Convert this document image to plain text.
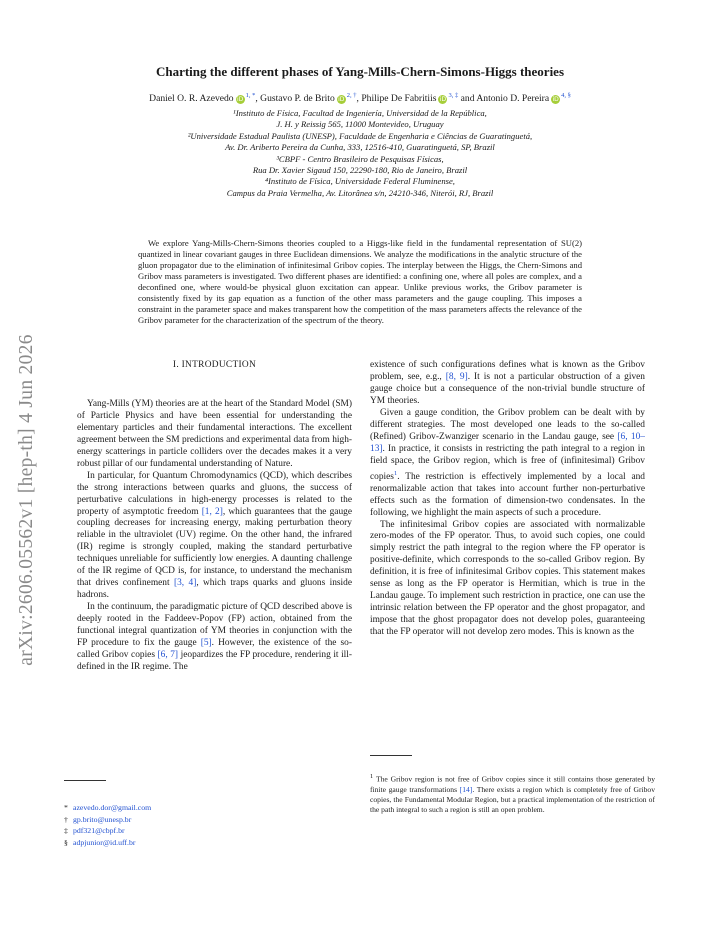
arXiv:2606.05562v1 [hep-th] 4 Jun 2026
Charting the different phases of Yang-Mills-Chern-Simons-Higgs theories
Daniel O. R. Azevedo $iD^{1, *}$, Gustavo P. de Brito $iD^{2, \dagger}$, Philipe De Fabritiis $iD^{3, \ddagger}$ and Antonio D. Pereira $iD^{4, \S}$
¹Instituto de Física, Facultad de Ingeniería, Universidad de la República,
J. H. y Reissig 565, 11000 Montevideo, Uruguay
²Universidade Estadual Paulista (UNESP), Faculdade de Engenharia e Ciências de Guaratinguetá,
Av. Dr. Ariberto Pereira da Cunha, 333, 12516-410, Guaratinguetá, SP, Brazil
³CBPF - Centro Brasileiro de Pesquisas Físicas,
Rua Dr. Xavier Sigaud 150, 22290-180, Rio de Janeiro, Brazil
⁴Instituto de Física, Universidade Federal Fluminense,
Campus da Praia Vermelha, Av. Litorânea s/n, 24210-346, Niterói, RJ, Brazil
We explore Yang-Mills-Chern-Simons theories coupled to a Higgs-like field in the fundamental representation of SU(2) quantized in linear covariant gauges in three Euclidean dimensions. We analyze the modifications in the analytic structure of the gluon propagator due to the elimination of infinitesimal Gribov copies. The interplay between the Higgs, the Chern-Simons and Gribov mass parameters is investigated. Two different phases are identified: a confining one, where all poles are complex, and a deconfined one, where would-be physical gluon excitation can appear. Unlike previous works, the Gribov parameter is consistently fixed by its gap equation as a function of the other mass parameters and the gauge coupling. This imposes a constraint in the parameter space and makes transparent how the competition of the mass parameters affects the relevance of the Gribov parameter for the characterization of the spectrum of the theory.
I. INTRODUCTION

Yang-Mills (YM) theories are at the heart of the Standard Model (SM) of Particle Physics and have been essential for understanding the elementary particles and their fundamental interactions. The excellent agreement between the SM predictions and experimental data from high-energy scatterings in particle colliders over the decades makes it a very robust pillar of our fundamental understanding of Nature.

In particular, for Quantum Chromodynamics (QCD), which describes the strong interactions between quarks and gluons, the success of perturbative calculations in high-energy processes is related to the property of asymptotic freedom [1, 2], which guarantees that the gauge coupling decreases for increasing energy, making perturbation theory reliable in the ultraviolet (UV) regime. On the other hand, the infrared (IR) regime is strongly coupled, making the standard perturbative techniques unreliable for sufficiently low energies. A daunting challenge of the IR regime of QCD is, for instance, to understand the mechanism that drives confinement [3, 4], which traps quarks and gluons inside hadrons.

In the continuum, the paradigmatic picture of QCD described above is deeply rooted in the Faddeev-Popov (FP) action, obtained from the functional integral quantization of YM theories in conjunction with the FP procedure to fix the gauge [5]. However, the existence of the so-called Gribov copies [6, 7] jeopardizes the FP procedure, rendering it ill-defined in the IR regime. The

existence of such configurations defines what is known as the Gribov problem, see, e.g., [8, 9]. It is not a particular obstruction of a given gauge choice but a consequence of the non-trivial bundle structure of YM theories.

Given a gauge condition, the Gribov problem can be dealt with by different strategies. The most developed one leads to the so-called (Refined) Gribov-Zwanziger scenario in the Landau gauge, see [6, 10–13]. In practice, it consists in restricting the path integral to a region in field space, the Gribov region, which is free of (infinitesimal) Gribov copies$^1$. The restriction is effectively implemented by a local and renormalizable action that takes into account further non-perturbative effects such as the formation of dimension-two condensates. In the following, we highlight the main aspects of such a procedure.

The infinitesimal Gribov copies are associated with normalizable zero-modes of the FP operator. Thus, to avoid such copies, one could simply restrict the path integral to the region where the FP operator is positive-definite, which corresponds to the so-called Gribov region. By definition, it is free of infinitesimal Gribov copies. This statement makes sense as long as the FP operator is Hermitian, which is true in the Landau gauge. To implement such restriction in practice, one can use the intrinsic relation between the FP operator and the ghost propagator, and impose that the ghost propagator does not develop poles, guaranteeing that the FP operator will not develop zero modes. This is known as the

* azevedo.dor@gmail.com
† gp.brito@unesp.br
‡ pdf321@cbpf.br
§ adpjunior@id.uff.br
$^1$ The Gribov region is not free of Gribov copies since it still contains those generated by finite gauge transformations [14]. There exists a region which is completely free of Gribov copies, the Fundamental Modular Region, but a practical implementation of the restriction of the path integral to such a region is still an open problem.
